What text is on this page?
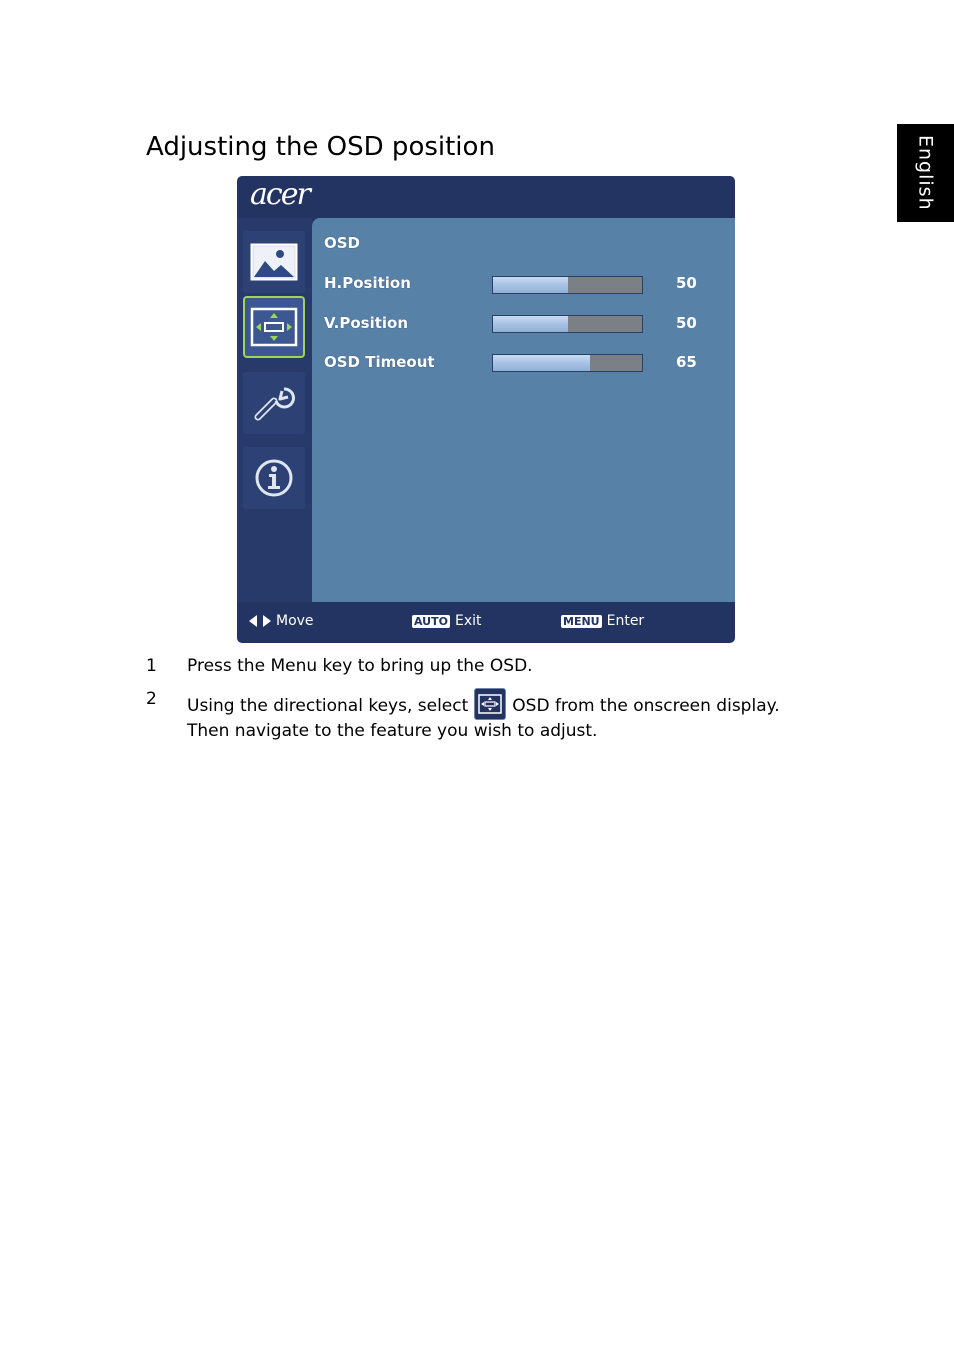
English
Adjusting the OSD position
acer
OSD
H.Position	50
V.Position	50
OSD Timeout	65
Move	AUTO Exit	MENU Enter
1 Press the Menu key to bring up the OSD.
2 Using the directional keys, select	OSD from the onscreen display.
Then navigate to the feature you wish to adjust.
